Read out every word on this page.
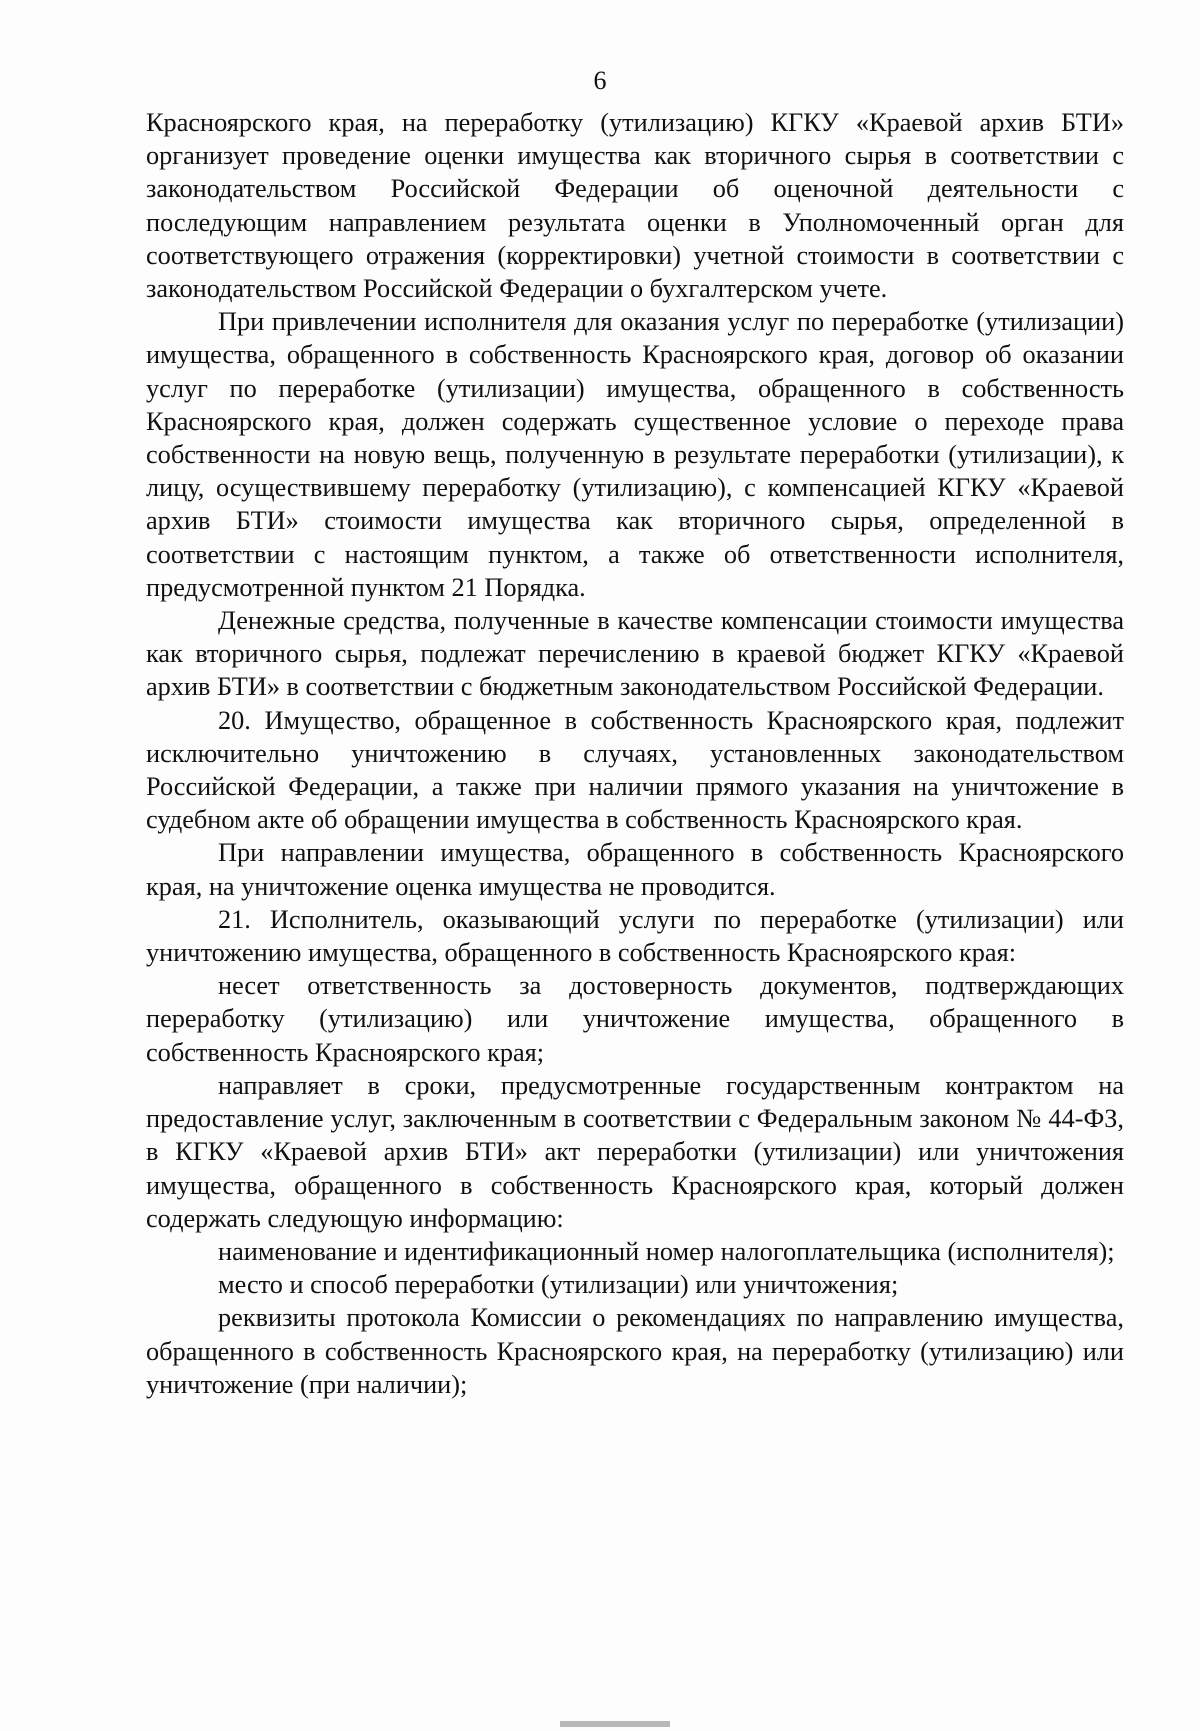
6

Красноярского края, на переработку (утилизацию) КГКУ «Краевой архив БТИ» организует проведение оценки имущества как вторичного сырья в соответствии с законодательством Российской Федерации об оценочной деятельности с последующим направлением результата оценки в Уполномоченный орган для соответствующего отражения (корректировки) учетной стоимости в соответствии с законодательством Российской Федерации о бухгалтерском учете.

При привлечении исполнителя для оказания услуг по переработке (утилизации) имущества, обращенного в собственность Красноярского края, договор об оказании услуг по переработке (утилизации) имущества, обращенного в собственность Красноярского края, должен содержать существенное условие о переходе права собственности на новую вещь, полученную в результате переработки (утилизации), к лицу, осуществившему переработку (утилизацию), с компенсацией КГКУ «Краевой архив БТИ» стоимости имущества как вторичного сырья, определенной в соответствии с настоящим пунктом, а также об ответственности исполнителя, предусмотренной пунктом 21 Порядка.

Денежные средства, полученные в качестве компенсации стоимости имущества как вторичного сырья, подлежат перечислению в краевой бюджет КГКУ «Краевой архив БТИ» в соответствии с бюджетным законодательством Российской Федерации.

20. Имущество, обращенное в собственность Красноярского края, подлежит исключительно уничтожению в случаях, установленных законодательством Российской Федерации, а также при наличии прямого указания на уничтожение в судебном акте об обращении имущества в собственность Красноярского края.

При направлении имущества, обращенного в собственность Красноярского края, на уничтожение оценка имущества не проводится.

21. Исполнитель, оказывающий услуги по переработке (утилизации) или уничтожению имущества, обращенного в собственность Красноярского края:

несет ответственность за достоверность документов, подтверждающих переработку (утилизацию) или уничтожение имущества, обращенного в собственность Красноярского края;

направляет в сроки, предусмотренные государственным контрактом на предоставление услуг, заключенным в соответствии с Федеральным законом № 44-ФЗ, в КГКУ «Краевой архив БТИ» акт переработки (утилизации) или уничтожения имущества, обращенного в собственность Красноярского края, который должен содержать следующую информацию:

наименование и идентификационный номер налогоплательщика (исполнителя);

место и способ переработки (утилизации) или уничтожения;

реквизиты протокола Комиссии о рекомендациях по направлению имущества, обращенного в собственность Красноярского края, на переработку (утилизацию) или уничтожение (при наличии);
